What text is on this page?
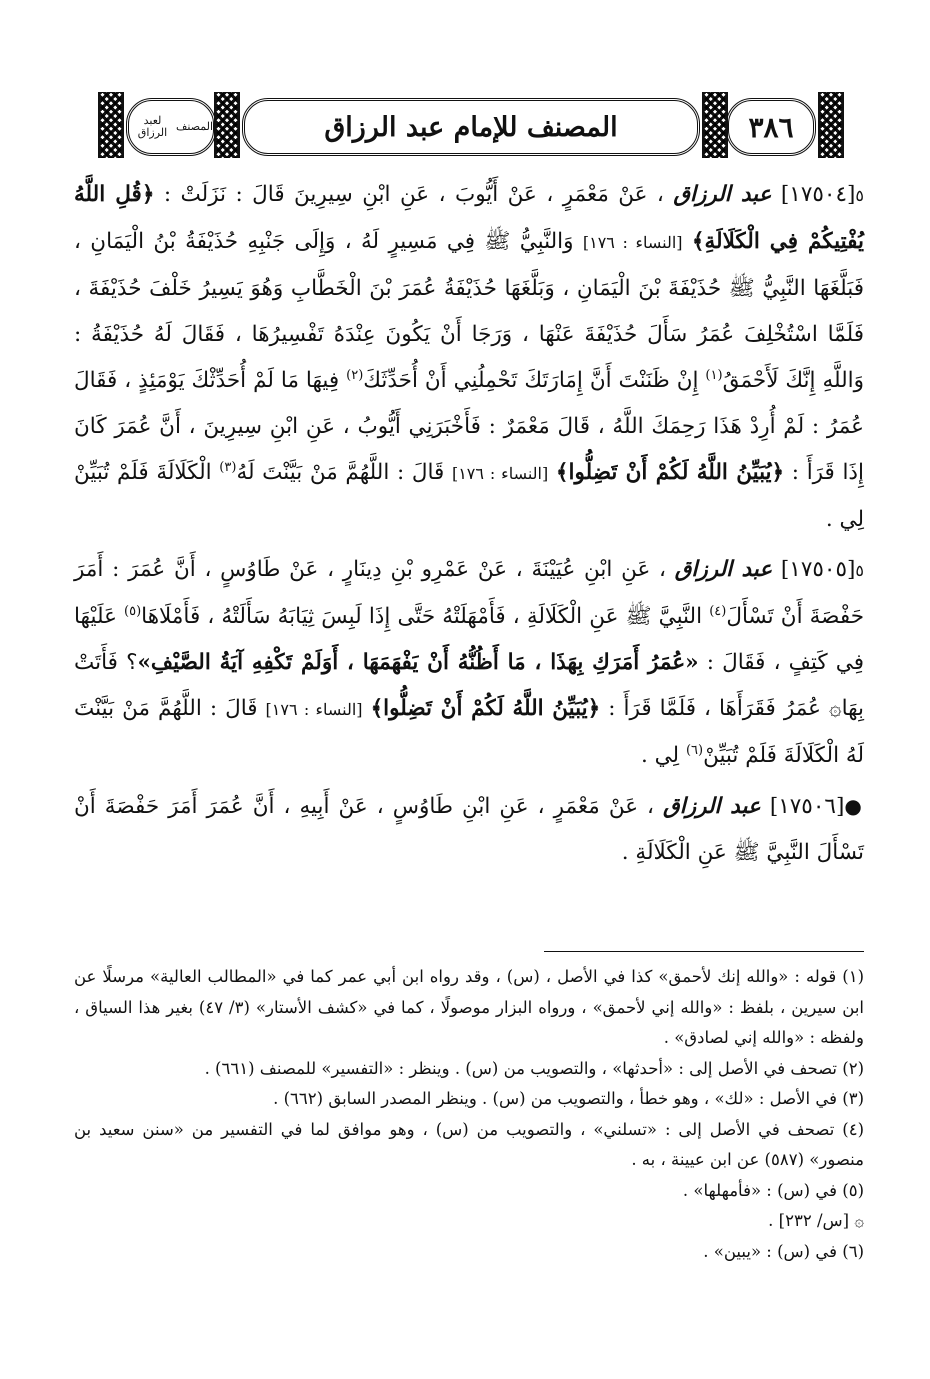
٣٨٦
المصنف للإمام عبد الرزاق
المصنف
لعبد الرزاق

٥[١٧٥٠٤] عبد الرزاق ، عَنْ مَعْمَرٍ ، عَنْ أَيُّوبَ ، عَنِ ابْنِ سِيرِينَ قَالَ : نَزَلَتْ : ﴿قُلِ اللَّهُ يُفْتِيكُمْ فِي الْكَلَالَةِ﴾ [النساء : ١٧٦] وَالنَّبِيُّ ﷺ فِي مَسِيرٍ لَهُ ، وَإِلَى جَنْبِهِ حُذَيْفَةُ بْنُ الْيَمَانِ ، فَبَلَّغَهَا النَّبِيُّ ﷺ حُذَيْفَةَ بْنَ الْيَمَانِ ، وَبَلَّغَهَا حُذَيْفَةُ عُمَرَ بْنَ الْخَطَّابِ وَهُوَ يَسِيرُ خَلْفَ حُذَيْفَةَ ، فَلَمَّا اسْتُخْلِفَ عُمَرُ سَأَلَ حُذَيْفَةَ عَنْهَا ، وَرَجَا أَنْ يَكُونَ عِنْدَهُ تَفْسِيرُهَا ، فَقَالَ لَهُ حُذَيْفَةُ : وَاللَّهِ إِنَّكَ لَأَحْمَقُ$^{(١)}$ إِنْ ظَنَنْتَ أَنَّ إِمَارَتَكَ تَحْمِلُنِي أَنْ أُحَدِّثَكَ$^{(٢)}$ فِيهَا مَا لَمْ أُحَدِّثْكَ يَوْمَئِذٍ ، فَقَالَ عُمَرُ : لَمْ أُرِدْ هَذَا رَحِمَكَ اللَّهُ ، قَالَ مَعْمَرٌ : فَأَخْبَرَنِي أَيُّوبُ ، عَنِ ابْنِ سِيرِينَ ، أَنَّ عُمَرَ كَانَ إِذَا قَرَأَ : ﴿يُبَيِّنُ اللَّهُ لَكُمْ أَنْ تَضِلُّوا﴾ [النساء : ١٧٦] قَالَ : اللَّهُمَّ مَنْ بَيَّنْتَ لَهُ$^{(٣)}$ الْكَلَالَةَ فَلَمْ تُبَيِّنْ لِي .

٥[١٧٥٠٥] عبد الرزاق ، عَنِ ابْنِ عُيَيْنَةَ ، عَنْ عَمْرِو بْنِ دِينَارٍ ، عَنْ طَاوُسٍ ، أَنَّ عُمَرَ : أَمَرَ حَفْصَةَ أَنْ تَسْأَلَ$^{(٤)}$ النَّبِيَّ ﷺ عَنِ الْكَلَالَةِ ، فَأَمْهَلَتْهُ حَتَّى إِذَا لَبِسَ ثِيَابَهُ سَأَلَتْهُ ، فَأَمْلَاهَا$^{(٥)}$ عَلَيْهَا فِي كَتِفٍ ، فَقَالَ : «عُمَرُ أَمَرَكِ بِهَذَا ، مَا أَظُنُّهُ أَنْ يَفْهَمَهَا ، أَوَلَمْ تَكْفِهِ آيَةُ الصَّيْفِ»؟ فَأَتَتْ بِهَا۞ عُمَرُ فَقَرَأَهَا ، فَلَمَّا قَرَأَ : ﴿يُبَيِّنُ اللَّهُ لَكُمْ أَنْ تَضِلُّوا﴾ [النساء : ١٧٦] قَالَ : اللَّهُمَّ مَنْ بَيَّنْتَ لَهُ الْكَلَالَةَ فَلَمْ تُبَيِّنْ$^{(٦)}$ لِي .

●[١٧٥٠٦] عبد الرزاق ، عَنْ مَعْمَرٍ ، عَنِ ابْنِ طَاوُسٍ ، عَنْ أَبِيهِ ، أَنَّ عُمَرَ أَمَرَ حَفْصَةَ أَنْ تَسْأَلَ النَّبِيَّ ﷺ عَنِ الْكَلَالَةِ .

(١) قوله : «والله إنك لأحمق» كذا في الأصل ، (س) ، وقد رواه ابن أبي عمر كما في «المطالب العالية» مرسلًا عن ابن سيرين ، بلفظ : «والله إني لأحمق» ، ورواه البزار موصولًا ، كما في «كشف الأستار» (٣/ ٤٧) بغير هذا السياق ، ولفظه : «والله إني لصادق» .

(٢) تصحف في الأصل إلى : «أحدثها» ، والتصويب من (س) . وينظر : «التفسير» للمصنف (٦٦١) .

(٣) في الأصل : «لك» ، وهو خطأ ، والتصويب من (س) . وينظر المصدر السابق (٦٦٢) .

(٤) تصحف في الأصل إلى : «تسلني» ، والتصويب من (س) ، وهو موافق لما في التفسير من «سنن سعيد بن منصور» (٥٨٧) عن ابن عيينة ، به .

(٥) في (س) : «فأمهلها» .

۞ [س/ ٢٣٢] .

(٦) في (س) : «يبين» .
